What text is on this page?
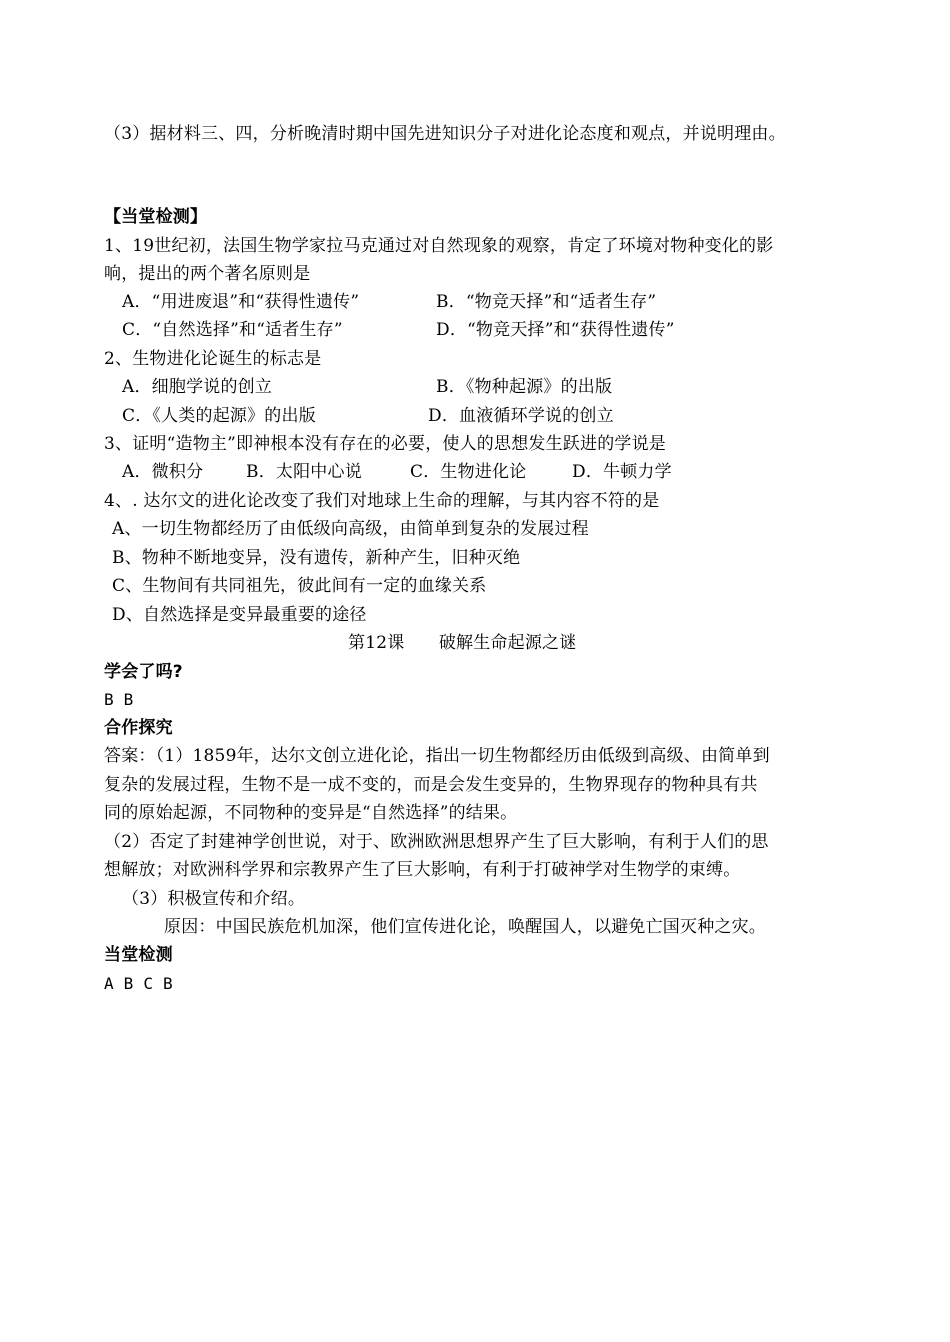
（3）据材料三、四，分析晚清时期中国先进知识分子对进化论态度和观点，并说明理由。
【当堂检测】
1、19世纪初，法国生物学家拉马克通过对自然现象的观察，肯定了环境对物种变化的影
响，提出的两个著名原则是
A．“用进废退”和“获得性遗传”	B．“物竞天择”和“适者生存”
C．“自然选择”和“适者生存”	D．“物竞天择”和“获得性遗传”
2、生物进化论诞生的标志是
A．细胞学说的创立	B．《物种起源》的出版
C．《人类的起源》的出版	D．血液循环学说的创立
3、证明“造物主”即神根本没有存在的必要，使人的思想发生跃进的学说是
A．微积分	B．太阳中心说	C．生物进化论	D．牛顿力学
4、. 达尔文的进化论改变了我们对地球上生命的理解，与其内容不符的是
A、一切生物都经历了由低级向高级，由简单到复杂的发展过程
B、物种不断地变异，没有遗传，新种产生，旧种灭绝
C、生物间有共同祖先，彼此间有一定的血缘关系
D、自然选择是变异最重要的途径
第12课　　破解生命起源之谜
学会了吗?
B B
合作探究
答案：（1）1859年，达尔文创立进化论，指出一切生物都经历由低级到高级、由简单到
复杂的发展过程，生物不是一成不变的，而是会发生变异的，生物界现存的物种具有共
同的原始起源，不同物种的变异是“自然选择”的结果。
（2）否定了封建神学创世说，对于、欧洲欧洲思想界产生了巨大影响，有利于人们的思
想解放；对欧洲科学界和宗教界产生了巨大影响，有利于打破神学对生物学的束缚。
（3）积极宣传和介绍。
原因：中国民族危机加深，他们宣传进化论，唤醒国人，以避免亡国灭种之灾。
当堂检测
A B C B
